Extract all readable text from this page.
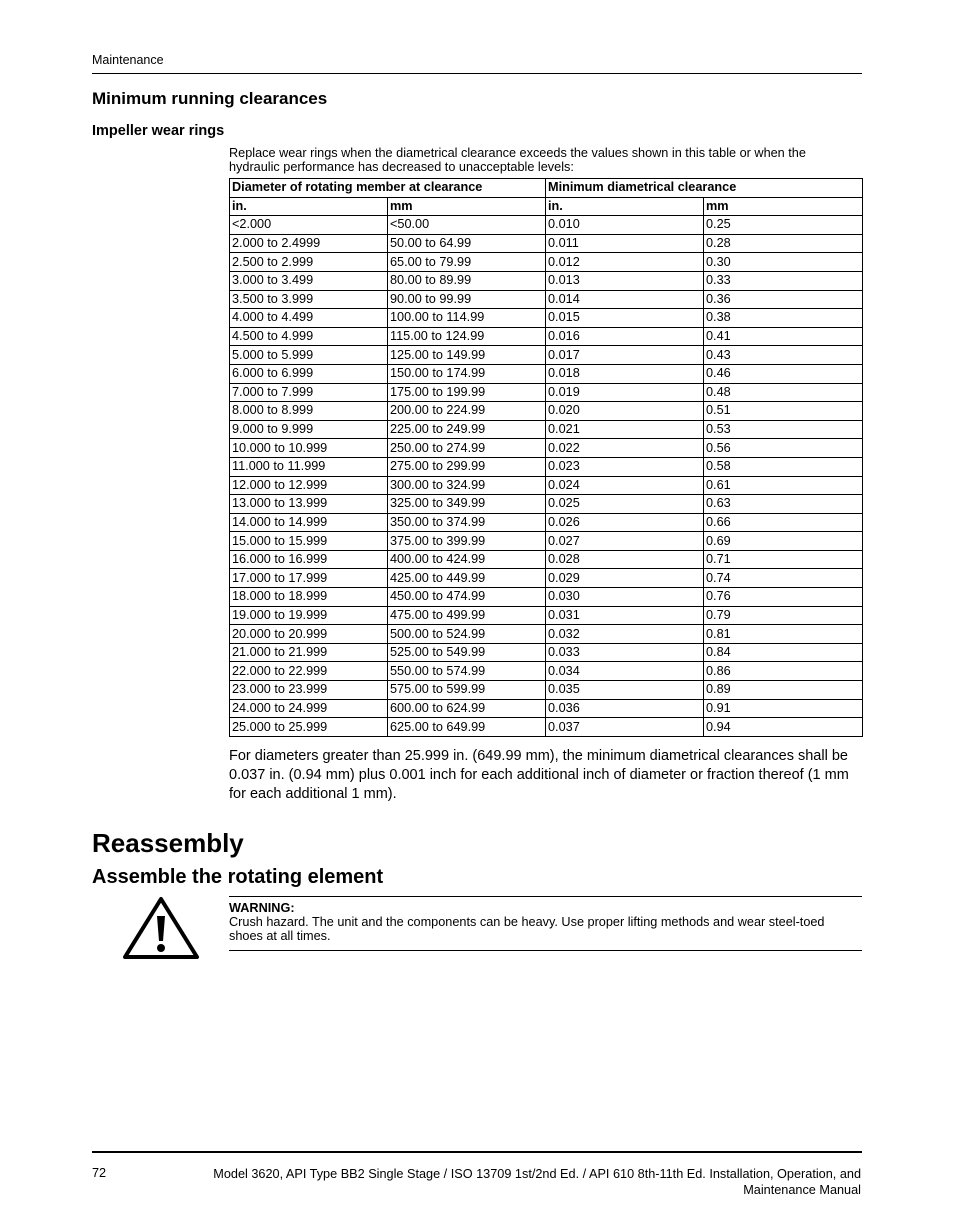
Maintenance
Minimum running clearances
Impeller wear rings
Replace wear rings when the diametrical clearance exceeds the values shown in this table or when the hydraulic performance has decreased to unacceptable levels:
Diameter of rotating member at clearance		Minimum diametrical clearance	
in.	mm	in.	mm
<2.000	<50.00	0.010	0.25
2.000 to 2.4999	50.00 to 64.99	0.011	0.28
2.500 to 2.999	65.00 to 79.99	0.012	0.30
3.000 to 3.499	80.00 to 89.99	0.013	0.33
3.500 to 3.999	90.00 to 99.99	0.014	0.36
4.000 to 4.499	100.00 to 114.99	0.015	0.38
4.500 to 4.999	115.00 to 124.99	0.016	0.41
5.000 to 5.999	125.00 to 149.99	0.017	0.43
6.000 to 6.999	150.00 to 174.99	0.018	0.46
7.000 to 7.999	175.00 to 199.99	0.019	0.48
8.000 to 8.999	200.00 to 224.99	0.020	0.51
9.000 to 9.999	225.00 to 249.99	0.021	0.53
10.000 to 10.999	250.00 to 274.99	0.022	0.56
11.000 to 11.999	275.00 to 299.99	0.023	0.58
12.000 to 12.999	300.00 to 324.99	0.024	0.61
13.000 to 13.999	325.00 to 349.99	0.025	0.63
14.000 to 14.999	350.00 to 374.99	0.026	0.66
15.000 to 15.999	375.00 to 399.99	0.027	0.69
16.000 to 16.999	400.00 to 424.99	0.028	0.71
17.000 to 17.999	425.00 to 449.99	0.029	0.74
18.000 to 18.999	450.00 to 474.99	0.030	0.76
19.000 to 19.999	475.00 to 499.99	0.031	0.79
20.000 to 20.999	500.00 to 524.99	0.032	0.81
21.000 to 21.999	525.00 to 549.99	0.033	0.84
22.000 to 22.999	550.00 to 574.99	0.034	0.86
23.000 to 23.999	575.00 to 599.99	0.035	0.89
24.000 to 24.999	600.00 to 624.99	0.036	0.91
25.000 to 25.999	625.00 to 649.99	0.037	0.94
For diameters greater than 25.999 in. (649.99 mm), the minimum diametrical clearances shall be 0.037 in. (0.94 mm) plus 0.001 inch for each additional inch of diameter or fraction thereof (1 mm for each additional 1 mm).
Reassembly
Assemble the rotating element
WARNING:
Crush hazard. The unit and the components can be heavy. Use proper lifting methods and wear steel-toed shoes at all times.
72	Model 3620, API Type BB2 Single Stage / ISO 13709 1st/2nd Ed. / API 610 8th-11th Ed. Installation, Operation, and Maintenance Manual
